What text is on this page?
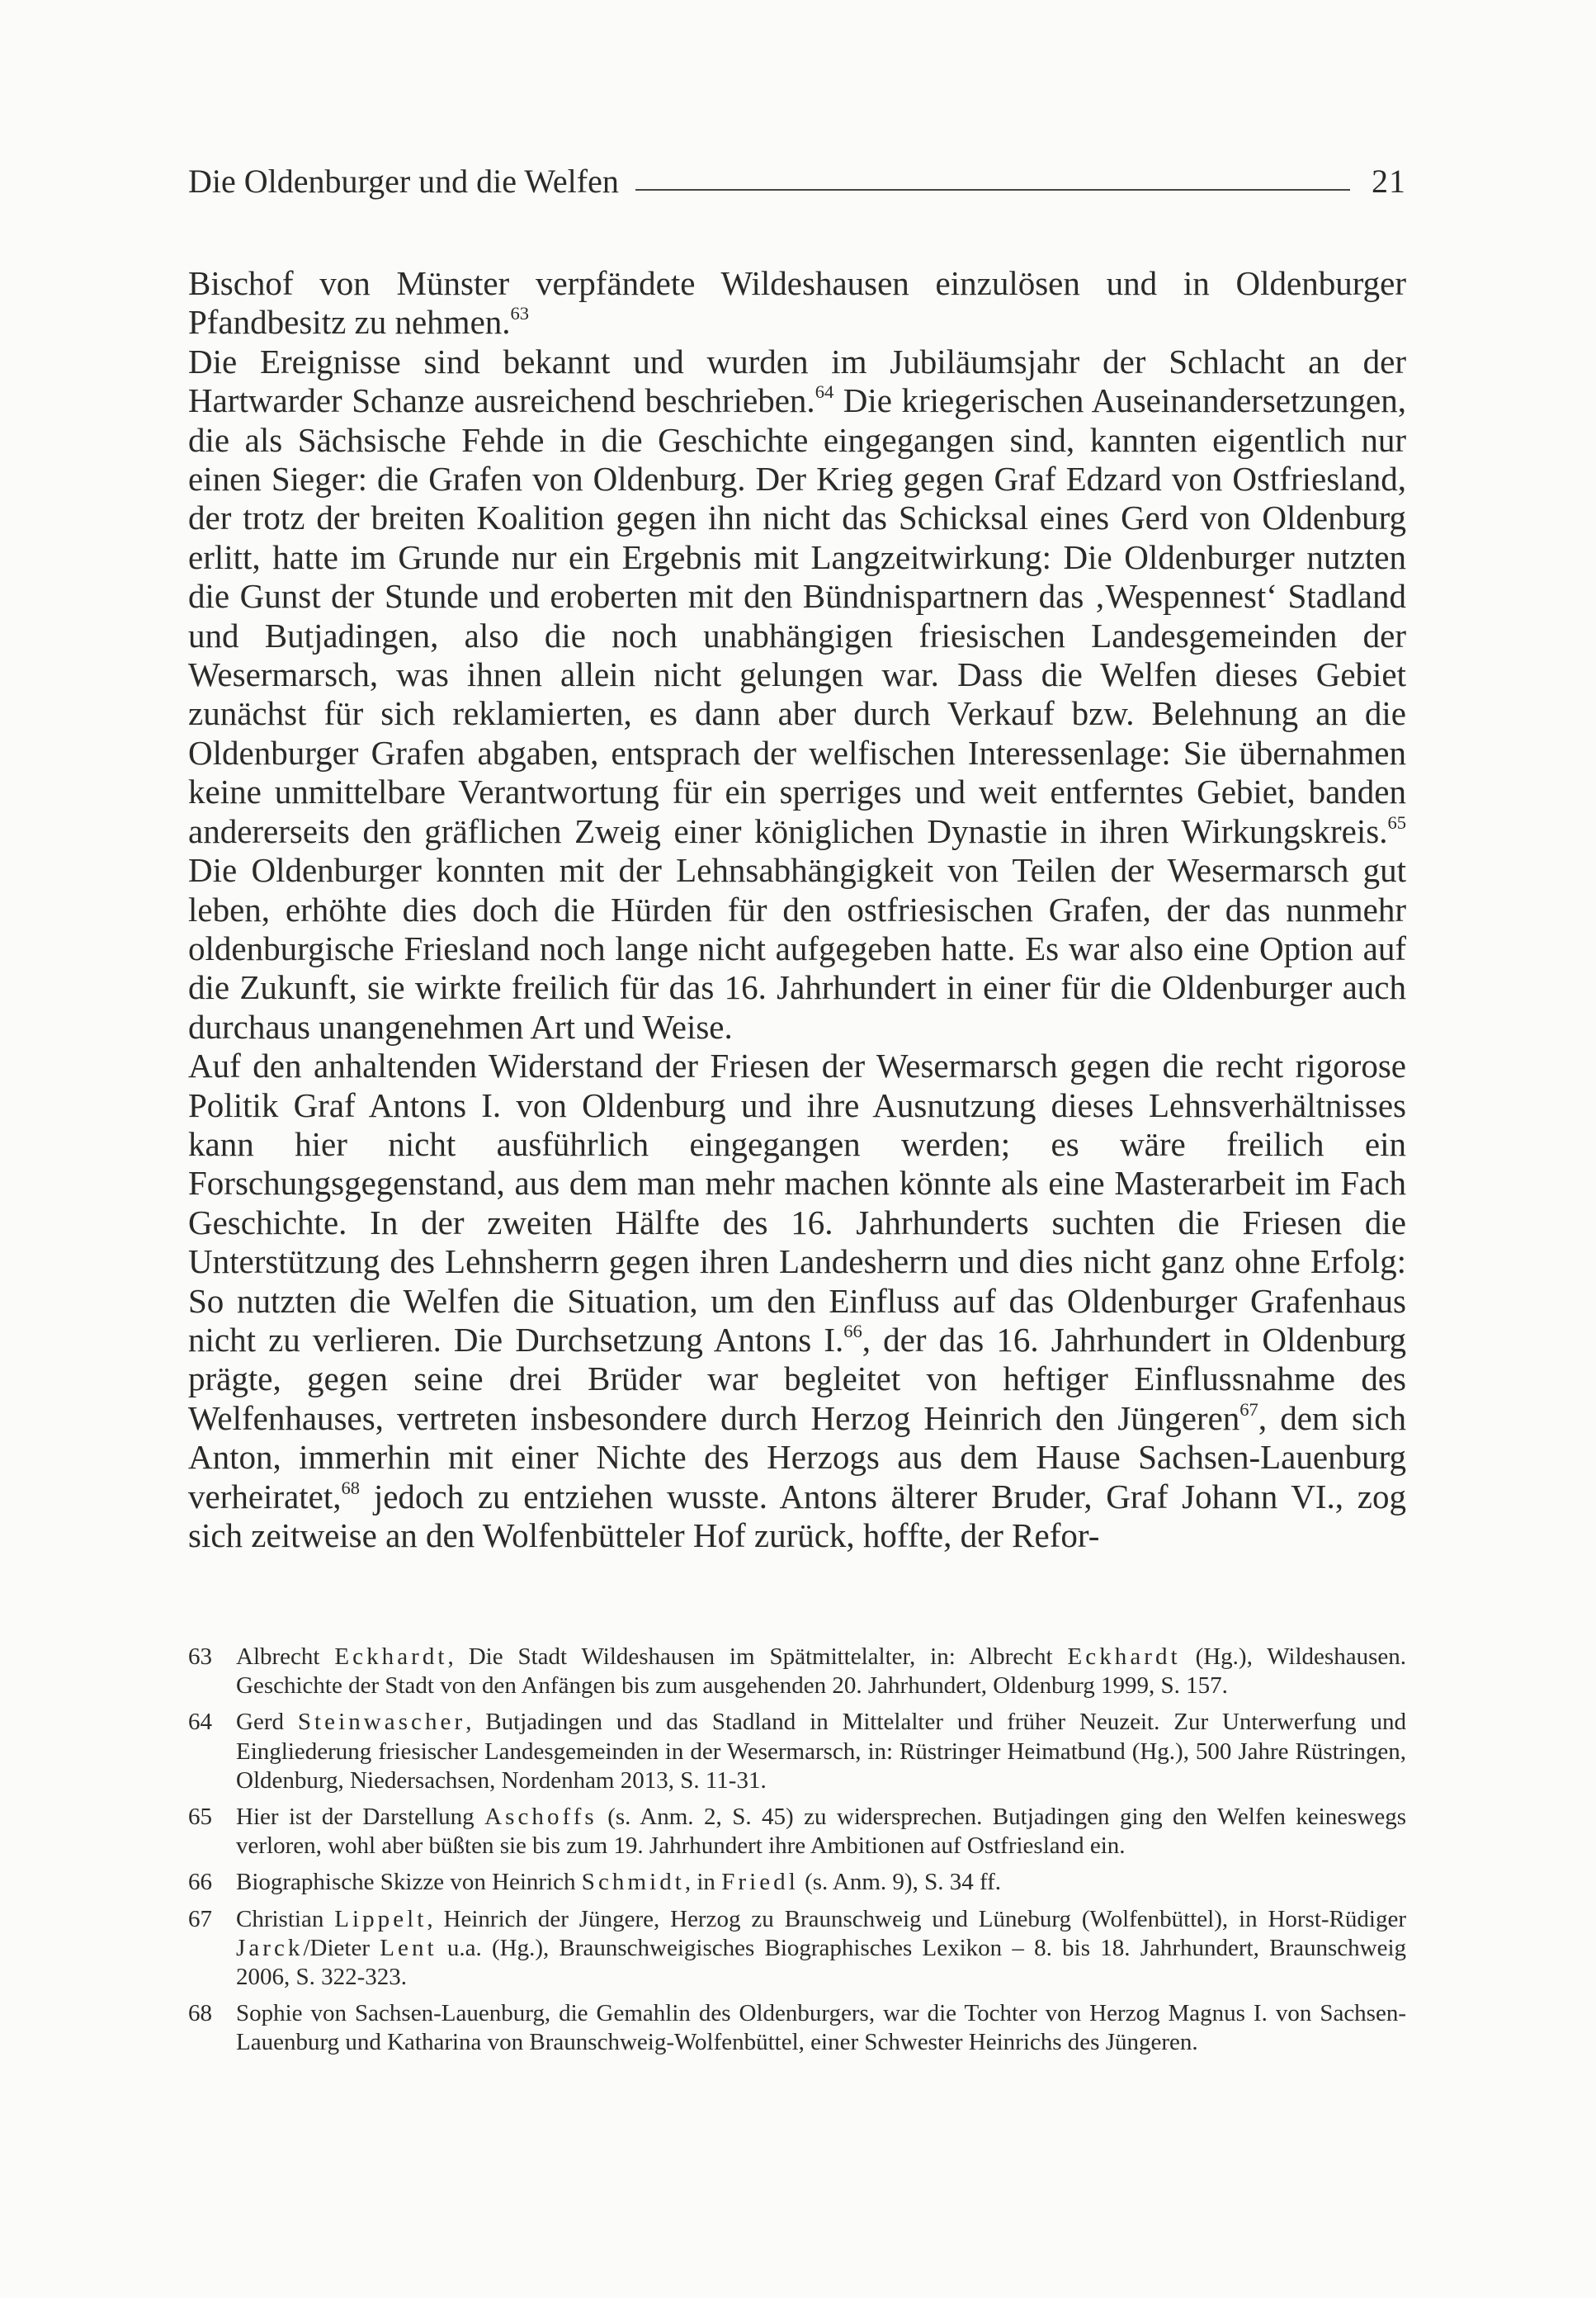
Die Oldenburger und die Welfen	21

Bischof von Münster verpfändete Wildeshausen einzulösen und in Oldenburger Pfandbesitz zu nehmen.$^{63}$

Die Ereignisse sind bekannt und wurden im Jubiläumsjahr der Schlacht an der Hartwarder Schanze ausreichend beschrieben.$^{64}$ Die kriegerischen Auseinandersetzungen, die als Sächsische Fehde in die Geschichte eingegangen sind, kannten eigentlich nur einen Sieger: die Grafen von Oldenburg. Der Krieg gegen Graf Edzard von Ostfriesland, der trotz der breiten Koalition gegen ihn nicht das Schicksal eines Gerd von Oldenburg erlitt, hatte im Grunde nur ein Ergebnis mit Langzeitwirkung: Die Oldenburger nutzten die Gunst der Stunde und eroberten mit den Bündnispartnern das ‚Wespennest‘ Stadland und Butjadingen, also die noch unabhängigen friesischen Landesgemeinden der Wesermarsch, was ihnen allein nicht gelungen war. Dass die Welfen dieses Gebiet zunächst für sich reklamierten, es dann aber durch Verkauf bzw. Belehnung an die Oldenburger Grafen abgaben, entsprach der welfischen Interessenlage: Sie übernahmen keine unmittelbare Verantwortung für ein sperriges und weit entferntes Gebiet, banden andererseits den gräflichen Zweig einer königlichen Dynastie in ihren Wirkungskreis.$^{65}$ Die Oldenburger konnten mit der Lehnsabhängigkeit von Teilen der Wesermarsch gut leben, erhöhte dies doch die Hürden für den ostfriesischen Grafen, der das nunmehr oldenburgische Friesland noch lange nicht aufgegeben hatte. Es war also eine Option auf die Zukunft, sie wirkte freilich für das 16. Jahrhundert in einer für die Oldenburger auch durchaus unangenehmen Art und Weise.

Auf den anhaltenden Widerstand der Friesen der Wesermarsch gegen die recht rigorose Politik Graf Antons I. von Oldenburg und ihre Ausnutzung dieses Lehnsverhältnisses kann hier nicht ausführlich eingegangen werden; es wäre freilich ein Forschungsgegenstand, aus dem man mehr machen könnte als eine Masterarbeit im Fach Geschichte. In der zweiten Hälfte des 16. Jahrhunderts suchten die Friesen die Unterstützung des Lehnsherrn gegen ihren Landesherrn und dies nicht ganz ohne Erfolg: So nutzten die Welfen die Situation, um den Einfluss auf das Oldenburger Grafenhaus nicht zu verlieren. Die Durchsetzung Antons I.$^{66}$, der das 16. Jahrhundert in Oldenburg prägte, gegen seine drei Brüder war begleitet von heftiger Einflussnahme des Welfenhauses, vertreten insbesondere durch Herzog Heinrich den Jüngeren$^{67}$, dem sich Anton, immerhin mit einer Nichte des Herzogs aus dem Hause Sachsen-Lauenburg verheiratet,$^{68}$ jedoch zu entziehen wusste. Antons älterer Bruder, Graf Johann VI., zog sich zeitweise an den Wolfenbütteler Hof zurück, hoffte, der Refor-

63	Albrecht Eckhardt, Die Stadt Wildeshausen im Spätmittelalter, in: Albrecht Eckhardt (Hg.), Wildeshausen. Geschichte der Stadt von den Anfängen bis zum ausgehenden 20. Jahrhundert, Oldenburg 1999, S. 157.
64	Gerd Steinwascher, Butjadingen und das Stadland in Mittelalter und früher Neuzeit. Zur Unterwerfung und Eingliederung friesischer Landesgemeinden in der Wesermarsch, in: Rüstringer Heimatbund (Hg.), 500 Jahre Rüstringen, Oldenburg, Niedersachsen, Nordenham 2013, S. 11-31.
65	Hier ist der Darstellung Aschoffs (s. Anm. 2, S. 45) zu widersprechen. Butjadingen ging den Welfen keineswegs verloren, wohl aber büßten sie bis zum 19. Jahrhundert ihre Ambitionen auf Ostfriesland ein.
66	Biographische Skizze von Heinrich Schmidt, in Friedl (s. Anm. 9), S. 34 ff.
67	Christian Lippelt, Heinrich der Jüngere, Herzog zu Braunschweig und Lüneburg (Wolfenbüttel), in Horst-Rüdiger Jarck/Dieter Lent u.a. (Hg.), Braunschweigisches Biographisches Lexikon – 8. bis 18. Jahrhundert, Braunschweig 2006, S. 322-323.
68	Sophie von Sachsen-Lauenburg, die Gemahlin des Oldenburgers, war die Tochter von Herzog Magnus I. von Sachsen-Lauenburg und Katharina von Braunschweig-Wolfenbüttel, einer Schwester Heinrichs des Jüngeren.
